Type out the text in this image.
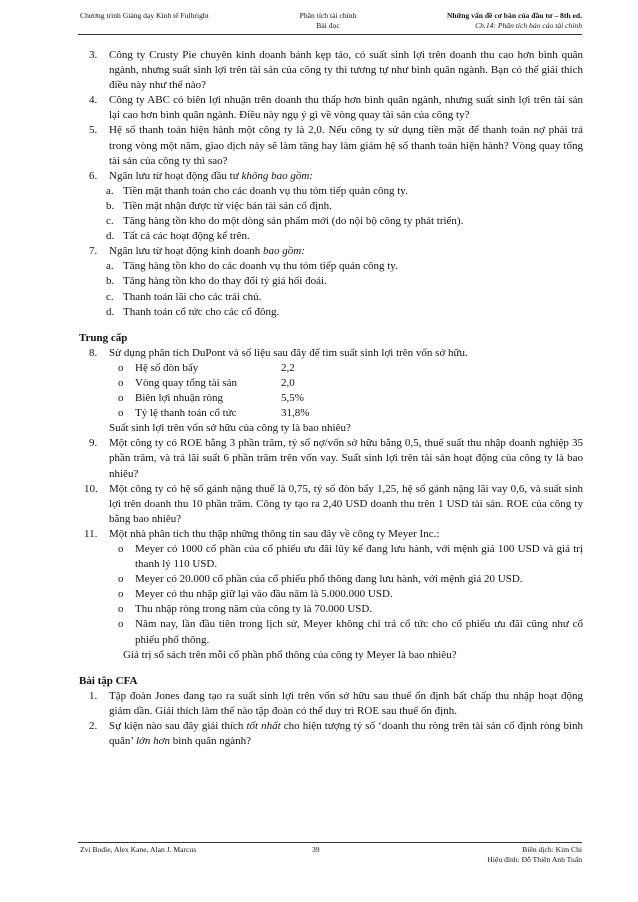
Chương trình Giảng dạy Kinh tế Fulbright	Phân tích tài chính
Bài đọc
Những vấn đề cơ bản của đầu tư – 8th ed.
Ch.14: Phân tích báo cáo tài chính
3. Công ty Crusty Pie chuyên kinh doanh bánh kẹp táo, có suất sinh lợi trên doanh thu cao hơn bình quân ngành, nhưng suất sinh lợi trên tài sản của công ty thì tương tự như bình quân ngành. Bạn có thể giải thích điều này như thế nào?
4. Công ty ABC có biên lợi nhuận trên doanh thu thấp hơn bình quân ngành, nhưng suất sinh lợi trên tài sản lại cao hơn bình quân ngành. Điều này ngụ ý gì về vòng quay tài sản của công ty?
5. Hệ số thanh toán hiện hành một công ty là 2,0. Nếu công ty sử dụng tiền mặt để thanh toán nợ phải trả trong vòng một năm, giao dịch này sẽ làm tăng hay làm giảm hệ số thanh toán hiện hành? Vòng quay tổng tài sản của công ty thì sao?
6. Ngân lưu từ hoạt động đầu tư không bao gồm:
a. Tiền mặt thanh toán cho các doanh vụ thu tóm tiếp quản công ty.
b. Tiền mặt nhận được từ việc bán tài sản cố định.
c. Tăng hàng tồn kho do một dòng sản phẩm mới (do nội bộ công ty phát triển).
d. Tất cả các hoạt động kể trên.
7. Ngân lưu từ hoạt động kinh doanh bao gồm:
a. Tăng hàng tồn kho do các doanh vụ thu tóm tiếp quản công ty.
b. Tăng hàng tồn kho do thay đổi tỷ giá hối đoái.
c. Thanh toán lãi cho các trái chủ.
d. Thanh toán cổ tức cho các cổ đông.
Trung cấp
8. Sử dụng phân tích DuPont và số liệu sau đây để tìm suất sinh lợi trên vốn sở hữu.
o Hệ số đòn bẩy	2,2
o Vòng quay tổng tài sản	2,0
o Biên lợi nhuận ròng	5,5%
o Tỷ lệ thanh toán cổ tức	31,8%
Suất sinh lợi trên vốn sở hữu của công ty là bao nhiêu?
9. Một công ty có ROE bằng 3 phần trăm, tỷ số nợ/vốn sở hữu bằng 0,5, thuế suất thu nhập doanh nghiệp 35 phần trăm, và trả lãi suất 6 phần trăm trên vốn vay. Suất sinh lợi trên tài sản hoạt động của công ty là bao nhiêu?
10. Một công ty có hệ số gánh nặng thuế là 0,75, tỷ số đòn bẩy 1,25, hệ số gánh nặng lãi vay 0,6, và suất sinh lợi trên doanh thu 10 phần trăm. Công ty tạo ra 2,40 USD doanh thu trên 1 USD tài sản. ROE của công ty bằng bao nhiêu?
11. Một nhà phân tích thu thập những thông tin sau đây về công ty Meyer Inc.:
o Meyer có 1000 cổ phần của cổ phiếu ưu đãi lũy kế đang lưu hành, với mệnh giá 100 USD và giá trị thanh lý 110 USD.
o Meyer có 20.000 cổ phần của cổ phiếu phổ thông đang lưu hành, với mệnh giá 20 USD.
o Meyer có thu nhập giữ lại vào đầu năm là 5.000.000 USD.
o Thu nhập ròng trong năm của công ty là 70.000 USD.
o Năm nay, lần đầu tiên trong lịch sử, Meyer không chỉ trả cổ tức cho cổ phiếu ưu đãi cũng như cổ phiếu phổ thông.
Giá trị sổ sách trên mỗi cổ phần phổ thông của công ty Meyer là bao nhiêu?
Bài tập CFA
1. Tập đoàn Jones đang tạo ra suất sinh lợi trên vốn sở hữu sau thuế ổn định bất chấp thu nhập hoạt động giảm dần. Giải thích làm thế nào tập đoàn có thể duy trì ROE sau thuế ổn định.
2. Sự kiện nào sau đây giải thích tốt nhất cho hiện tượng tỷ số ‘doanh thu ròng trên tài sản cố định ròng bình quân’ lớn hơn bình quân ngành?
Zvi Bodie, Alex Kane, Alan J. Marcus	39	Biên dịch: Kim Chi
Hiệu đính: Đỗ Thiên Anh Tuấn
